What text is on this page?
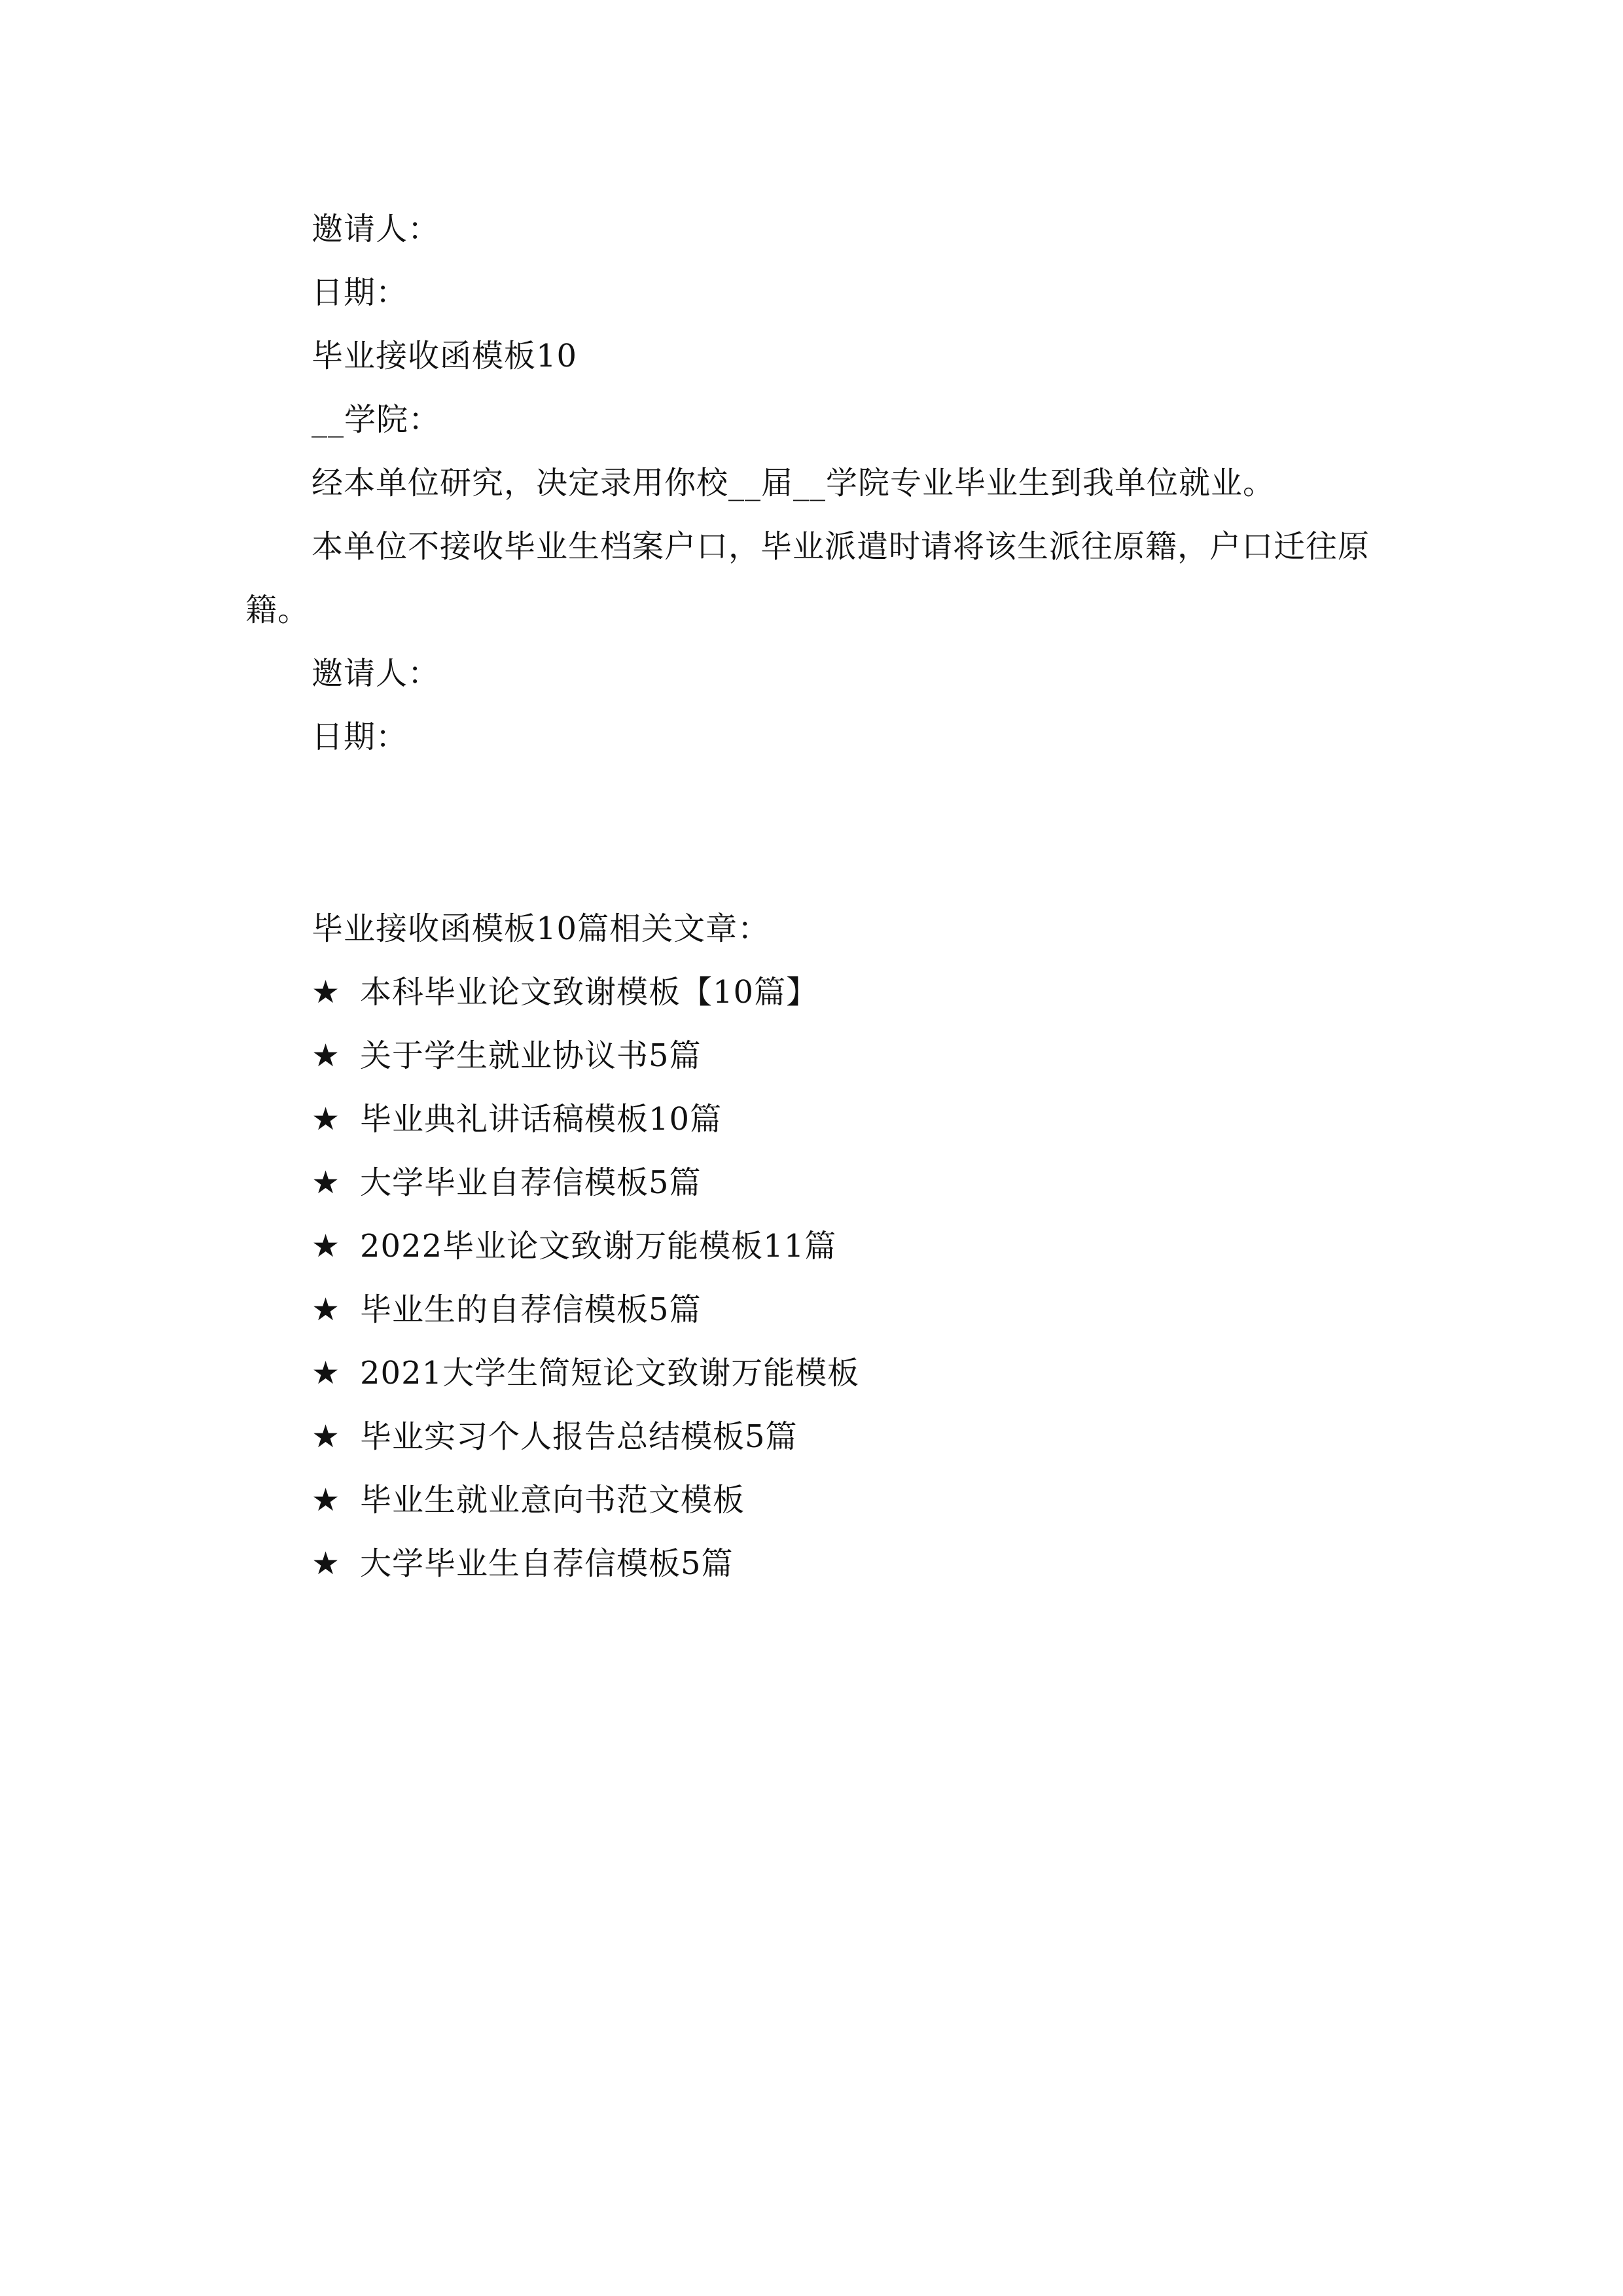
邀请人：
日期：
毕业接收函模板10
__学院：
经本单位研究，决定录用你校__届__学院专业毕业生到我单位就业。
本单位不接收毕业生档案户口，毕业派遣时请将该生派往原籍，户口迁往原
籍。
邀请人：
日期：
毕业接收函模板10篇相关文章：
★ 本科毕业论文致谢模板【10篇】
★ 关于学生就业协议书5篇
★ 毕业典礼讲话稿模板10篇
★ 大学毕业自荐信模板5篇
★ 2022毕业论文致谢万能模板11篇
★ 毕业生的自荐信模板5篇
★ 2021大学生简短论文致谢万能模板
★ 毕业实习个人报告总结模板5篇
★ 毕业生就业意向书范文模板
★ 大学毕业生自荐信模板5篇
